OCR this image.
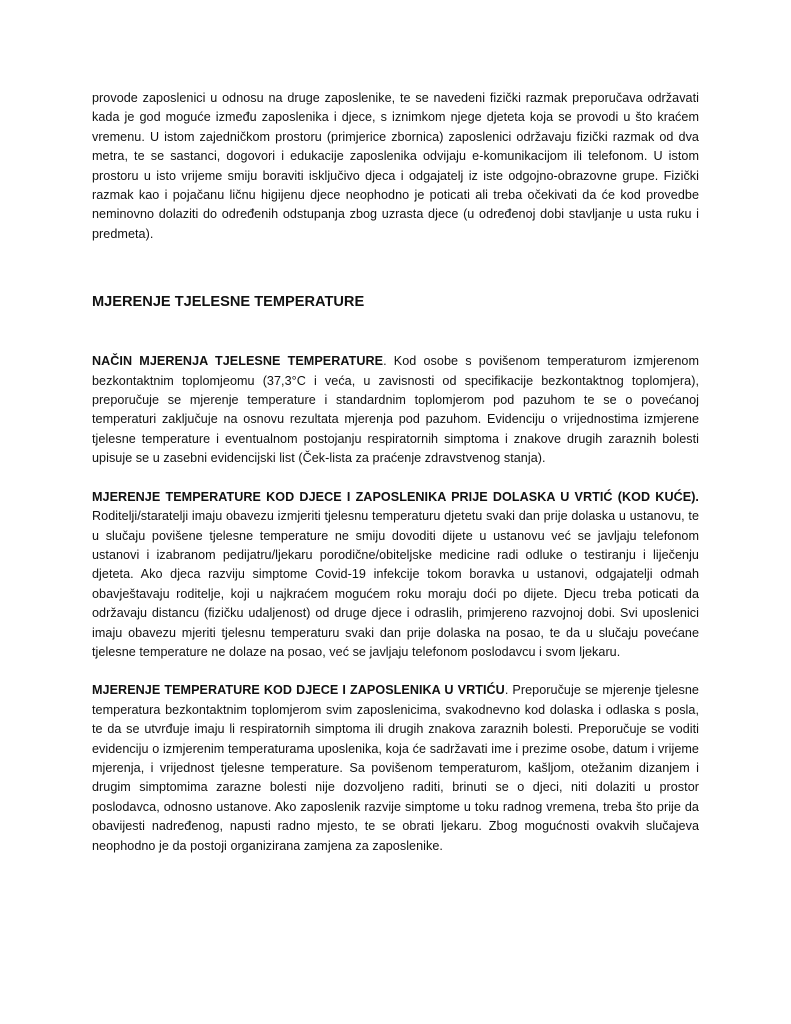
provode zaposlenici u odnosu na druge zaposlenike, te se navedeni fizički razmak preporučava održavati kada je god moguće između zaposlenika i djece, s iznimkom njege djeteta koja se provodi u što kraćem vremenu. U istom zajedničkom prostoru (primjerice zbornica) zaposlenici održavaju fizički razmak od dva metra, te se sastanci, dogovori i edukacije zaposlenika odvijaju e-komunikacijom ili telefonom. U istom prostoru u isto vrijeme smiju boraviti isključivo djeca i odgajatelj iz iste odgojno-obrazovne grupe. Fizički razmak kao i pojačanu ličnu higijenu djece neophodno je poticati ali treba očekivati da će kod provedbe neminovno dolaziti do određenih odstupanja zbog uzrasta djece (u određenoj dobi stavljanje u usta ruku i predmeta).

MJERENJE TJELESNE TEMPERATURE

NAČIN MJERENJA TJELESNE TEMPERATURE. Kod osobe s povišenom temperaturom izmjerenom bezkontaktnim toplomjeomu (37,3°C i veća, u zavisnosti od specifikacije bezkontaktnog toplomjera), preporučuje se mjerenje temperature i standardnim toplomjerom pod pazuhom te se o povećanoj temperaturi zaključuje na osnovu rezultata mjerenja pod pazuhom. Evidenciju o vrijednostima izmjerene tjelesne temperature i eventualnom postojanju respiratornih simptoma i znakove drugih zaraznih bolesti upisuje se u zasebni evidencijski list (Ček-lista za praćenje zdravstvenog stanja).

MJERENJE TEMPERATURE KOD DJECE I ZAPOSLENIKA PRIJE DOLASKA U VRTIĆ (KOD KUĆE). Roditelji/staratelji imaju obavezu izmjeriti tjelesnu temperaturu djetetu svaki dan prije dolaska u ustanovu, te u slučaju povišene tjelesne temperature ne smiju dovoditi dijete u ustanovu već se javljaju telefonom ustanovi i izabranom pedijatru/ljekaru porodične/obiteljske medicine radi odluke o testiranju i liječenju djeteta. Ako djeca razviju simptome Covid-19 infekcije tokom boravka u ustanovi, odgajatelji odmah obavještavaju roditelje, koji u najkraćem mogućem roku moraju doći po dijete. Djecu treba poticati da održavaju distancu (fizičku udaljenost) od druge djece i odraslih, primjereno razvojnoj dobi. Svi uposlenici imaju obavezu mjeriti tjelesnu temperaturu svaki dan prije dolaska na posao, te da u slučaju povećane tjelesne temperature ne dolaze na posao, već se javljaju telefonom poslodavcu i svom ljekaru.

MJERENJE TEMPERATURE KOD DJECE I ZAPOSLENIKA U VRTIĆU. Preporučuje se mjerenje tjelesne temperatura bezkontaktnim toplomjerom svim zaposlenicima, svakodnevno kod dolaska i odlaska s posla, te da se utvrđuje imaju li respiratornih simptoma ili drugih znakova zaraznih bolesti. Preporučuje se voditi evidenciju o izmjerenim temperaturama uposlenika, koja će sadržavati ime i prezime osobe, datum i vrijeme mjerenja, i vrijednost tjelesne temperature. Sa povišenom temperaturom, kašljom, otežanim dizanjem i drugim simptomima zarazne bolesti nije dozvoljeno raditi, brinuti se o djeci, niti dolaziti u prostor poslodavca, odnosno ustanove. Ako zaposlenik razvije simptome u toku radnog vremena, treba što prije da obavijesti nadređenog, napusti radno mjesto, te se obrati ljekaru. Zbog mogućnosti ovakvih slučajeva neophodno je da postoji organizirana zamjena za zaposlenike.
